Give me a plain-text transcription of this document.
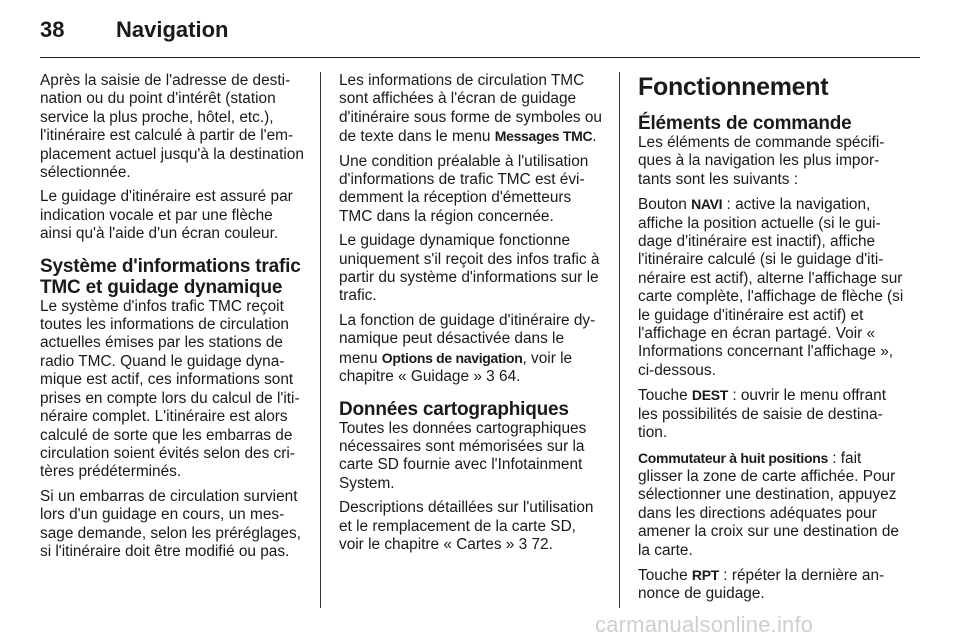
38 Navigation

Après la saisie de l'adresse de destination ou du point d'intérêt (station service la plus proche, hôtel, etc.), l'itinéraire est calculé à partir de l'emplacement actuel jusqu'à la destination sélectionnée.

Le guidage d'itinéraire est assuré par indication vocale et par une flèche ainsi qu'à l'aide d'un écran couleur.

Système d'informations trafic TMC et guidage dynamique

Le système d'infos trafic TMC reçoit toutes les informations de circulation actuelles émises par les stations de radio TMC. Quand le guidage dynamique est actif, ces informations sont prises en compte lors du calcul de l'itinéraire complet. L'itinéraire est alors calculé de sorte que les embarras de circulation soient évités selon des critères prédéterminés.

Si un embarras de circulation survient lors d'un guidage en cours, un message demande, selon les préréglages, si l'itinéraire doit être modifié ou pas.

Les informations de circulation TMC sont affichées à l'écran de guidage d'itinéraire sous forme de symboles ou de texte dans le menu Messages TMC.

Une condition préalable à l'utilisation d'informations de trafic TMC est évidemment la réception d'émetteurs TMC dans la région concernée.

Le guidage dynamique fonctionne uniquement s'il reçoit des infos trafic à partir du système d'informations sur le trafic.

La fonction de guidage d'itinéraire dynamique peut désactivée dans le menu Options de navigation, voir le chapitre « Guidage » 3 64.

Données cartographiques

Toutes les données cartographiques nécessaires sont mémorisées sur la carte SD fournie avec l'Infotainment System.

Descriptions détaillées sur l'utilisation et le remplacement de la carte SD, voir le chapitre « Cartes » 3 72.

Fonctionnement
Éléments de commande

Les éléments de commande spécifiques à la navigation les plus importants sont les suivants :

Bouton NAVI : active la navigation, affiche la position actuelle (si le guidage d'itinéraire est inactif), affiche l'itinéraire calculé (si le guidage d'itinéraire est actif), alterne l'affichage sur carte complète, l'affichage de flèche (si le guidage d'itinéraire est actif) et l'affichage en écran partagé. Voir « Informations concernant l'affichage », ci-dessous.

Touche DEST : ouvrir le menu offrant les possibilités de saisie de destination.

Commutateur à huit positions : fait glisser la zone de carte affichée. Pour sélectionner une destination, appuyez dans les directions adéquates pour amener la croix sur une destination de la carte.

Touche RPT : répéter la dernière annonce de guidage.

carmanualsonline.info
